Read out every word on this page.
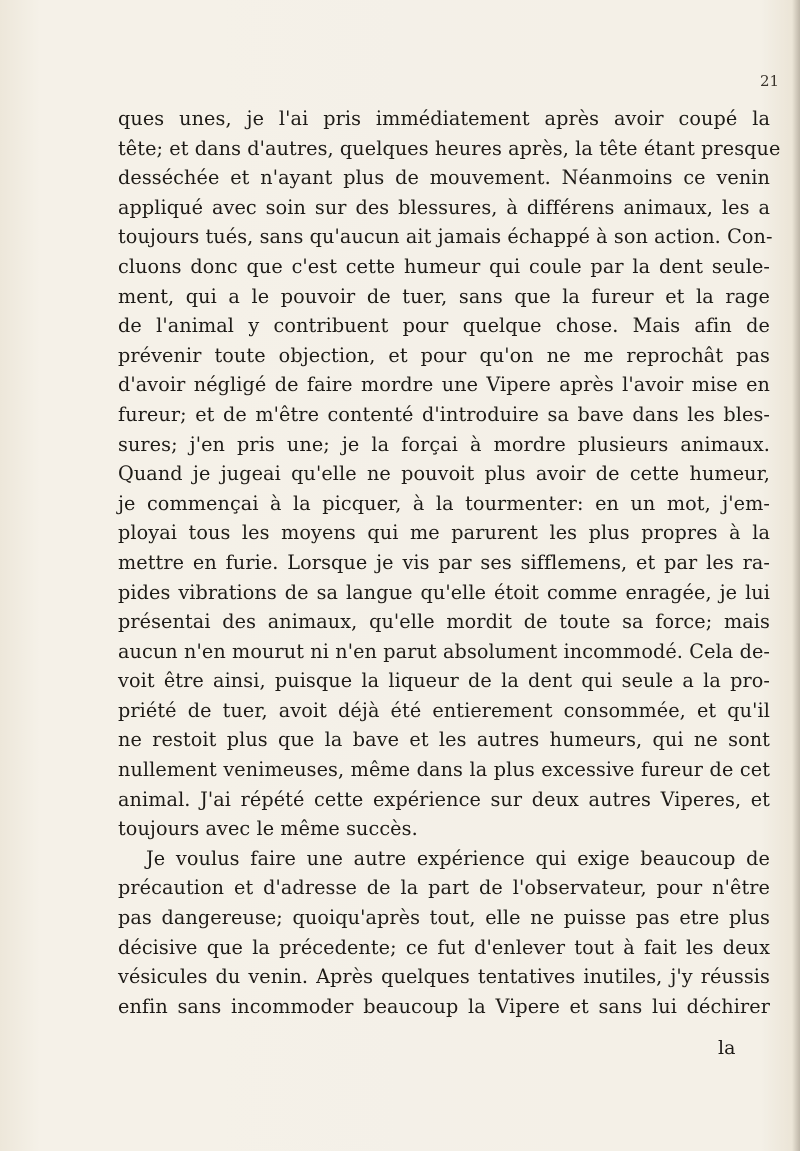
21
ques unes, je l'ai pris immédiatement après avoir coupé la
tête; et dans d'autres, quelques heures après, la tête étant presque
desséchée et n'ayant plus de mouvement. Néanmoins ce venin
appliqué avec soin sur des blessures, à différens animaux, les a
toujours tués, sans qu'aucun ait jamais échappé à son action. Con-
cluons donc que c'est cette humeur qui coule par la dent seule-
ment, qui a le pouvoir de tuer, sans que la fureur et la rage
de l'animal y contribuent pour quelque chose. Mais afin de
prévenir toute objection, et pour qu'on ne me reprochât pas
d'avoir négligé de faire mordre une Vipere après l'avoir mise en
fureur; et de m'être contenté d'introduire sa bave dans les bles-
sures; j'en pris une; je la forçai à mordre plusieurs animaux.
Quand je jugeai qu'elle ne pouvoit plus avoir de cette humeur,
je commençai à la picquer, à la tourmenter: en un mot, j'em-
ployai tous les moyens qui me parurent les plus propres à la
mettre en furie. Lorsque je vis par ses sifflemens, et par les ra-
pides vibrations de sa langue qu'elle étoit comme enragée, je lui
présentai des animaux, qu'elle mordit de toute sa force; mais
aucun n'en mourut ni n'en parut absolument incommodé. Cela de-
voit être ainsi, puisque la liqueur de la dent qui seule a la pro-
priété de tuer, avoit déjà été entierement consommée, et qu'il
ne restoit plus que la bave et les autres humeurs, qui ne sont
nullement venimeuses, même dans la plus excessive fureur de cet
animal. J'ai répété cette expérience sur deux autres Viperes, et
toujours avec le même succès.
Je voulus faire une autre expérience qui exige beaucoup de
précaution et d'adresse de la part de l'observateur, pour n'être
pas dangereuse; quoiqu'après tout, elle ne puisse pas etre plus
décisive que la précedente; ce fut d'enlever tout à fait les deux
vésicules du venin. Après quelques tentatives inutiles, j'y réussis
enfin sans incommoder beaucoup la Vipere et sans lui déchirer
la
